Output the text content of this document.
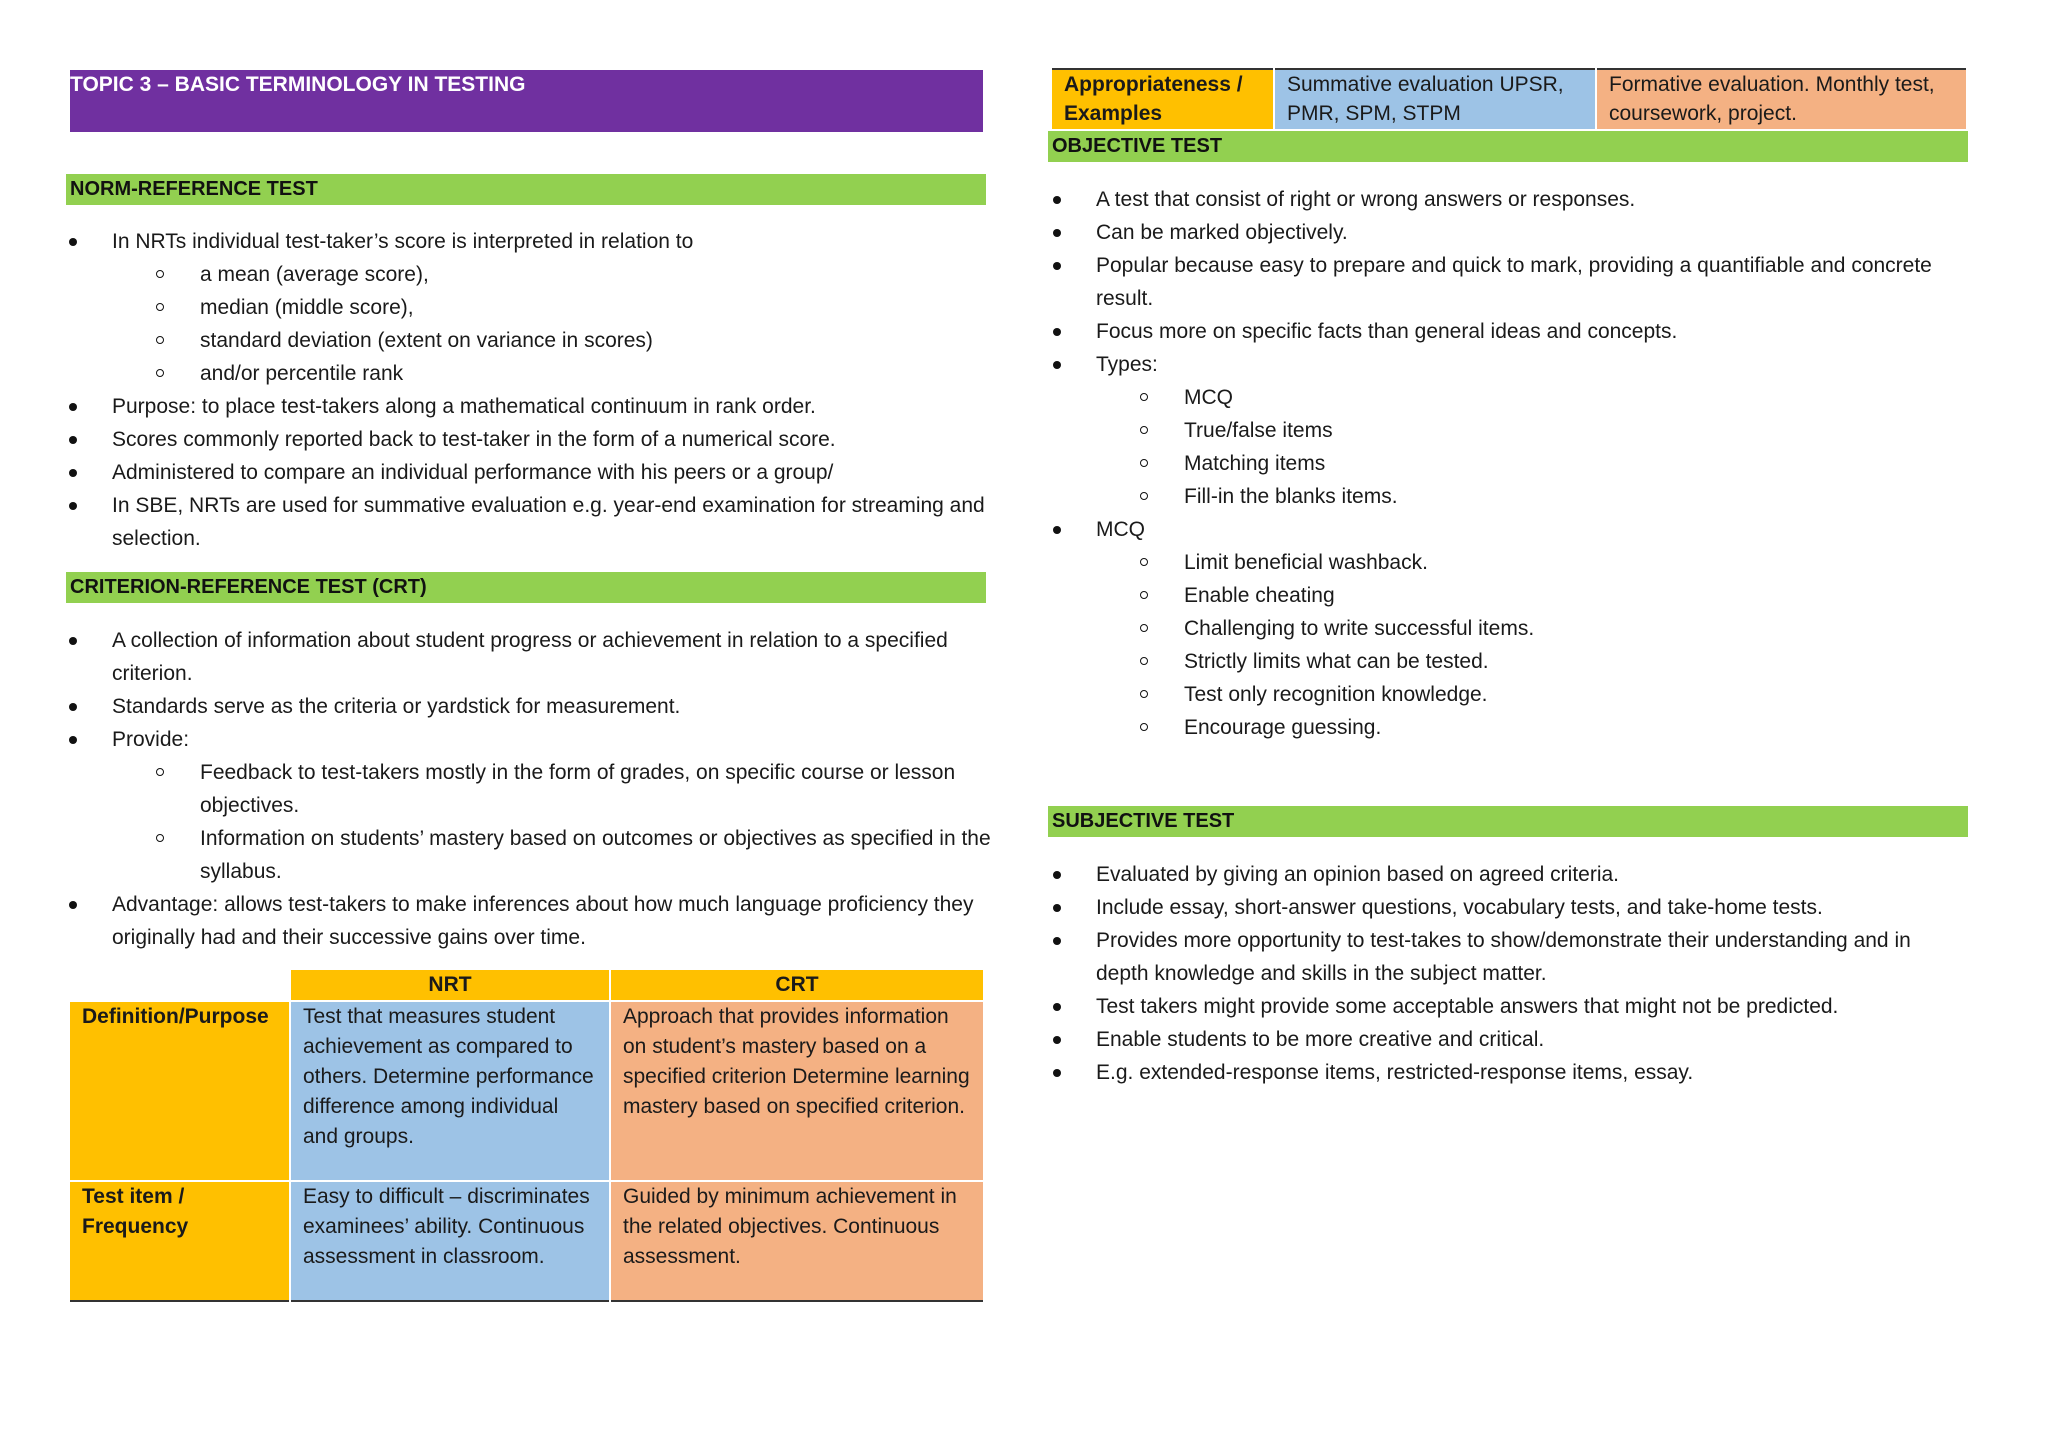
TOPIC 3 – BASIC TERMINOLOGY IN TESTING
NORM-REFERENCE TEST
In NRTs individual test-taker’s score is interpreted in relation to
a mean (average score),
median (middle score),
standard deviation (extent on variance in scores)
and/or percentile rank
Purpose: to place test-takers along a mathematical continuum in rank order.
Scores commonly reported back to test-taker in the form of a numerical score.
Administered to compare an individual performance with his peers or a group/
In SBE, NRTs are used for summative evaluation e.g. year-end examination for streaming and selection.
CRITERION-REFERENCE TEST (CRT)
A collection of information about student progress or achievement in relation to a specified criterion.
Standards serve as the criteria or yardstick for measurement.
Provide:
Feedback to test-takers mostly in the form of grades, on specific course or lesson objectives.
Information on students’ mastery based on outcomes or objectives as specified in the syllabus.
Advantage: allows test-takers to make inferences about how much language proficiency they originally had and their successive gains over time.
	NRT	CRT
Definition/Purpose	Test that measures student achievement as compared to others. Determine performance difference among individual and groups.	Approach that provides information on student’s mastery based on a specified criterion Determine learning mastery based on specified criterion.
Test item / Frequency	Easy to difficult – discriminates examinees’ ability. Continuous assessment in classroom.	Guided by minimum achievement in the related objectives. Continuous assessment.
Appropriateness / Examples	Summative evaluation UPSR, PMR, SPM, STPM	Formative evaluation. Monthly test, coursework, project.
OBJECTIVE TEST
A test that consist of right or wrong answers or responses.
Can be marked objectively.
Popular because easy to prepare and quick to mark, providing a quantifiable and concrete result.
Focus more on specific facts than general ideas and concepts.
Types:
MCQ
True/false items
Matching items
Fill-in the blanks items.
MCQ
Limit beneficial washback.
Enable cheating
Challenging to write successful items.
Strictly limits what can be tested.
Test only recognition knowledge.
Encourage guessing.
SUBJECTIVE TEST
Evaluated by giving an opinion based on agreed criteria.
Include essay, short-answer questions, vocabulary tests, and take-home tests.
Provides more opportunity to test-takes to show/demonstrate their understanding and in depth knowledge and skills in the subject matter.
Test takers might provide some acceptable answers that might not be predicted.
Enable students to be more creative and critical.
E.g. extended-response items, restricted-response items, essay.
